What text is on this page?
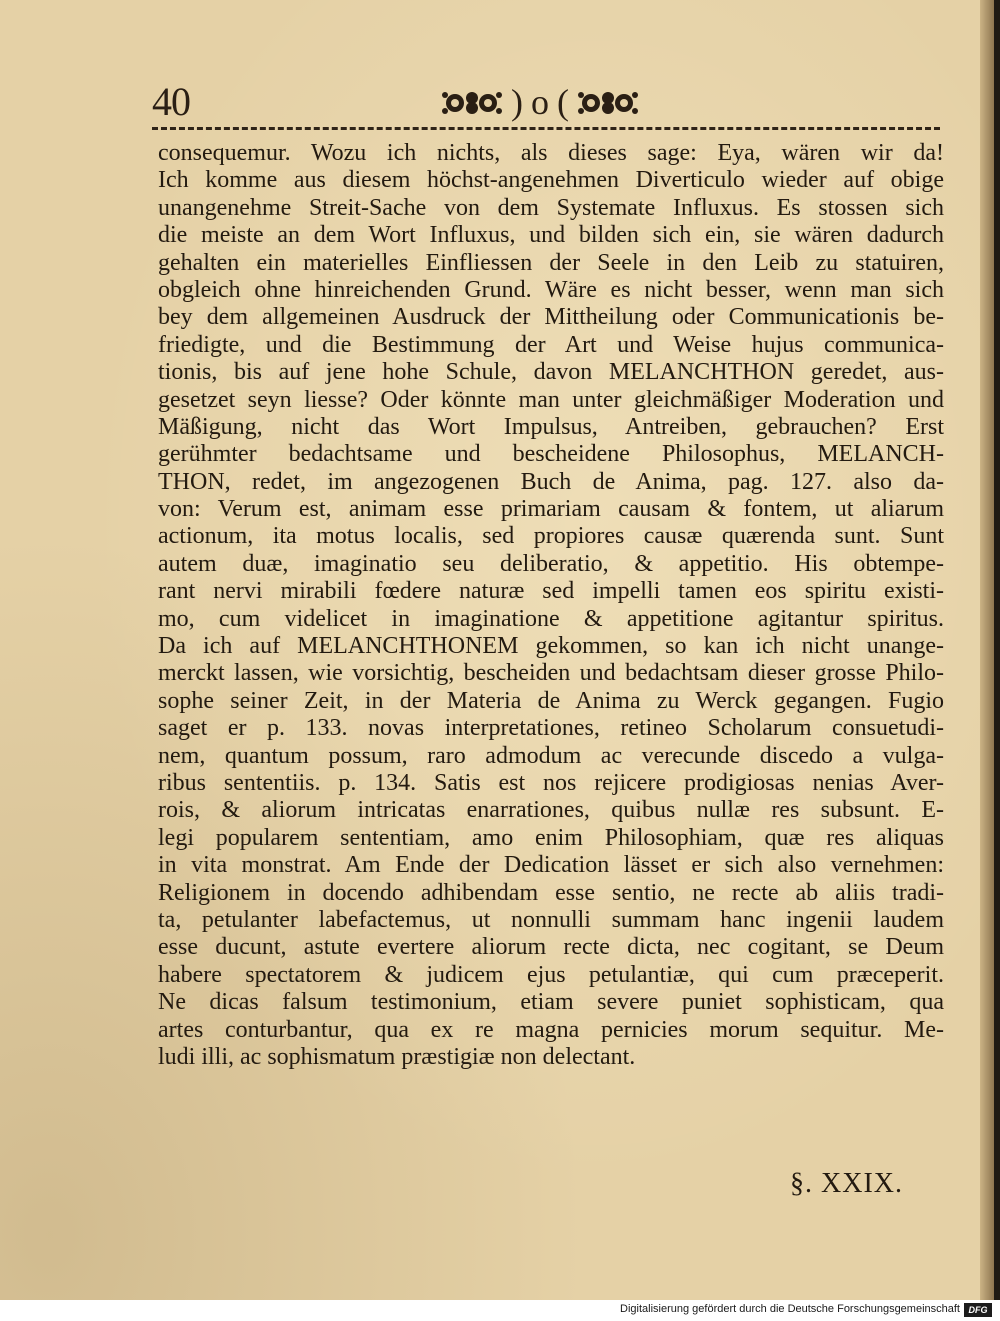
40	) o (
consequemur. Wozu ich nichts, als dieses sage: Eya, wären wir da!
Ich komme aus diesem höchst-angenehmen Diverticulo wieder auf obige
unangenehme Streit-Sache von dem Systemate Influxus. Es stossen sich
die meiste an dem Wort Influxus, und bilden sich ein, sie wären dadurch
gehalten ein materielles Einfliessen der Seele in den Leib zu statuiren,
obgleich ohne hinreichenden Grund. Wäre es nicht besser, wenn man sich
bey dem allgemeinen Ausdruck der Mittheilung oder Communicationis be-
friedigte, und die Bestimmung der Art und Weise hujus communica-
tionis, bis auf jene hohe Schule, davon MELANCHTHON geredet, aus-
gesetzet seyn liesse? Oder könnte man unter gleichmäßiger Moderation und
Mäßigung, nicht das Wort Impulsus, Antreiben, gebrauchen? Erst
gerühmter bedachtsame und bescheidene Philosophus, MELANCH-
THON, redet, im angezogenen Buch de Anima, pag. 127. also da-
von: Verum est, animam esse primariam causam & fontem, ut aliarum
actionum, ita motus localis, sed propiores causæ quærenda sunt. Sunt
autem duæ, imaginatio seu deliberatio, & appetitio. His obtempe-
rant nervi mirabili fœdere naturæ sed impelli tamen eos spiritu existi-
mo, cum videlicet in imaginatione & appetitione agitantur spiritus.
Da ich auf MELANCHTHONEM gekommen, so kan ich nicht unange-
merckt lassen, wie vorsichtig, bescheiden und bedachtsam dieser grosse Philo-
sophe seiner Zeit, in der Materia de Anima zu Werck gegangen. Fugio
saget er p. 133. novas interpretationes, retineo Scholarum consuetudi-
nem, quantum possum, raro admodum ac verecunde discedo a vulga-
ribus sententiis. p. 134. Satis est nos rejicere prodigiosas nenias Aver-
rois, & aliorum intricatas enarrationes, quibus nullæ res subsunt. E-
legi popularem sententiam, amo enim Philosophiam, quæ res aliquas
in vita monstrat. Am Ende der Dedication lässet er sich also vernehmen:
Religionem in docendo adhibendam esse sentio, ne recte ab aliis tradi-
ta, petulanter labefactemus, ut nonnulli summam hanc ingenii laudem
esse ducunt, astute evertere aliorum recte dicta, nec cogitant, se Deum
habere spectatorem & judicem ejus petulantiæ, qui cum præceperit.
Ne dicas falsum testimonium, etiam severe puniet sophisticam, qua
artes conturbantur, qua ex re magna pernicies morum sequitur. Me-
ludi illi, ac sophismatum præstigiæ non delectant.
§. XXIX.
Digitalisierung gefördert durch die Deutsche Forschungsgemeinschaft DFG
